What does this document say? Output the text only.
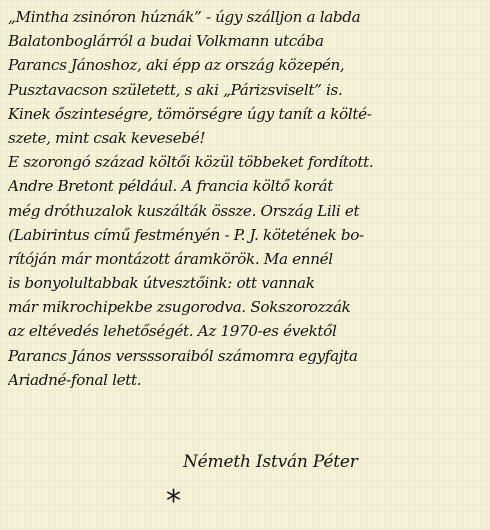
„Mintha zsinóron húznák” - úgy szálljon a labda
Balatonboglárról a budai Volkmann utcába
Parancs Jánoshoz, aki épp az ország közepén,
Pusztavacson született, s aki „Párizsviselt” is.
Kinek őszinteségre, tömörségre úgy tanít a költé-
szete, mint csak kevesebé!
E szorongó század költői közül többeket fordított.
Andre Bretont például. A francia költő korát
még dróthuzalok kuszálták össze. Ország Lili et
(Labirintus című festményén - P. J. kötetének bo-
rítóján már montázott áramkörök. Ma ennél
is bonyolultabbak útvesztőink: ott vannak
már mikrochipekbe zsugorodva. Sokszorozzák
az eltévedés lehetőségét. Az 1970-es évektől
Parancs János versssoraiból számomra egyfajta
Ariadné-fonal lett.
Németh István Péter
*
